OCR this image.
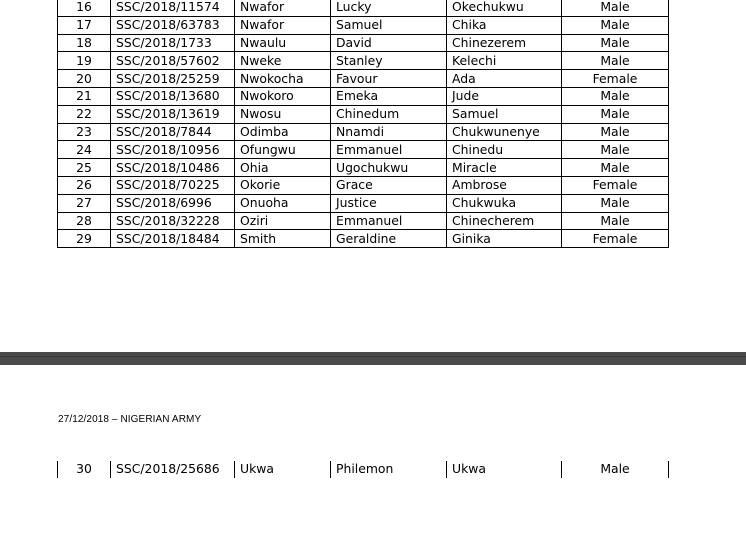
16	SSC/2018/11574	Nwafor	Lucky	Okechukwu	Male
17	SSC/2018/63783	Nwafor	Samuel	Chika	Male
18	SSC/2018/1733	Nwaulu	David	Chinezerem	Male
19	SSC/2018/57602	Nweke	Stanley	Kelechi	Male
20	SSC/2018/25259	Nwokocha	Favour	Ada	Female
21	SSC/2018/13680	Nwokoro	Emeka	Jude	Male
22	SSC/2018/13619	Nwosu	Chinedum	Samuel	Male
23	SSC/2018/7844	Odimba	Nnamdi	Chukwunenye	Male
24	SSC/2018/10956	Ofungwu	Emmanuel	Chinedu	Male
25	SSC/2018/10486	Ohia	Ugochukwu	Miracle	Male
26	SSC/2018/70225	Okorie	Grace	Ambrose	Female
27	SSC/2018/6996	Onuoha	Justice	Chukwuka	Male
28	SSC/2018/32228	Oziri	Emmanuel	Chinecherem	Male
29	SSC/2018/18484	Smith	Geraldine	Ginika	Female
27/12/2018 – NIGERIAN ARMY
30	SSC/2018/25686	Ukwa	Philemon	Ukwa	Male
